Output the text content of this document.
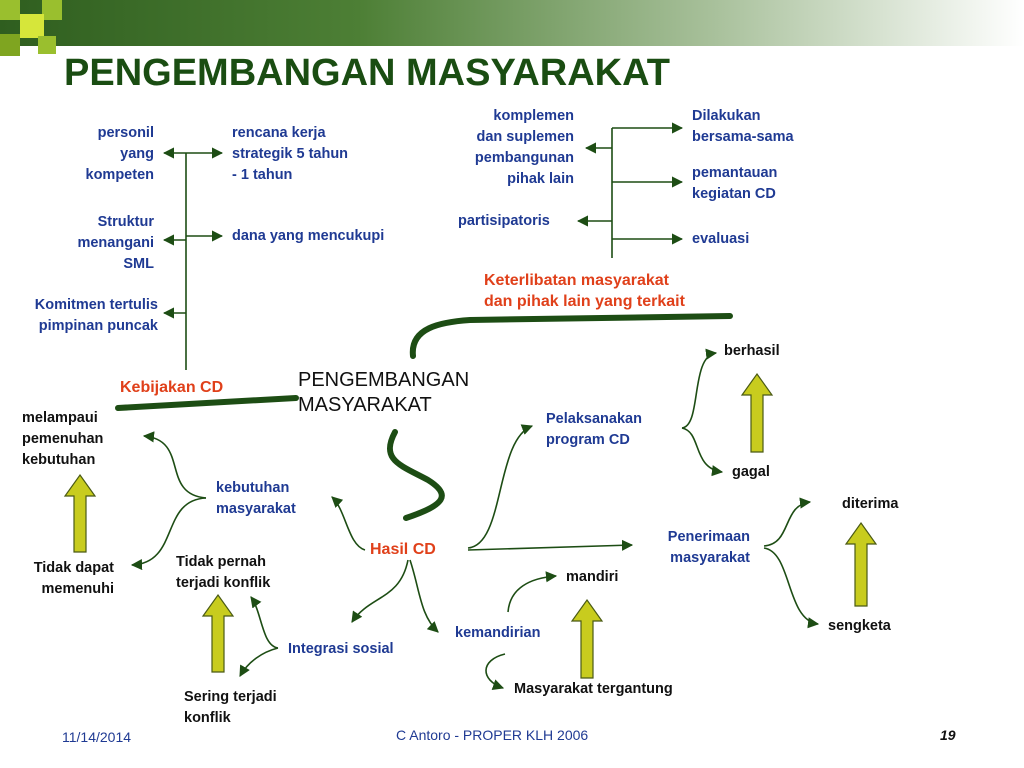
PENGEMBANGAN MASYARAKAT
personil
yang
kompeten
rencana kerja
strategik 5 tahun
- 1 tahun
Struktur
menangani
SML
dana yang mencukupi
Komitmen tertulis
pimpinan puncak
Kebijakan CD
komplemen
dan suplemen
pembangunan
pihak lain
Dilakukan
bersama-sama
pemantauan
kegiatan CD
partisipatoris
evaluasi
Keterlibatan masyarakat
dan pihak lain yang terkait
PENGEMBANGAN
MASYARAKAT
melampaui
pemenuhan
kebutuhan
Tidak dapat
memenuhi
kebutuhan
masyarakat
Tidak pernah
terjadi konflik
Hasil CD
Integrasi sosial
Sering terjadi
konflik
Pelaksanakan
program CD
berhasil
gagal
Penerimaan
masyarakat
diterima
sengketa
mandiri
kemandirian
Masyarakat tergantung
11/14/2014	C Antoro - PROPER KLH 2006	19
